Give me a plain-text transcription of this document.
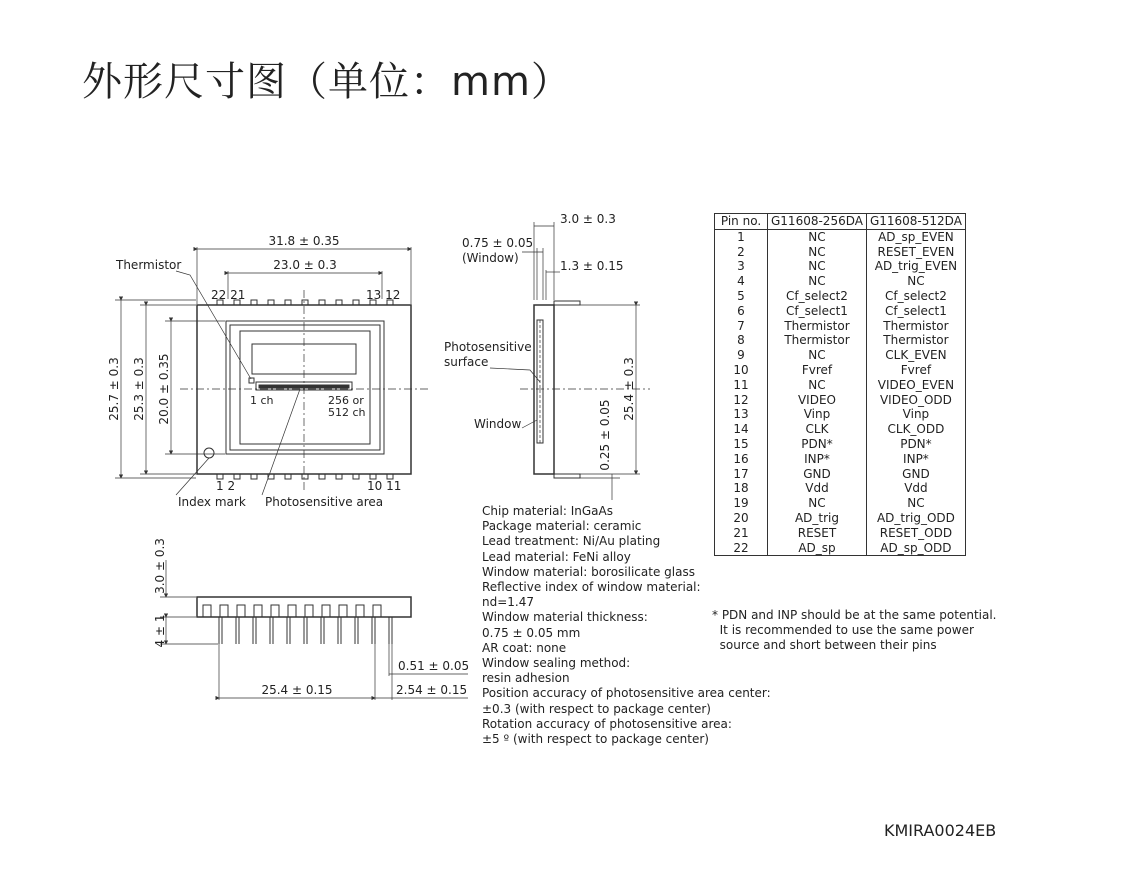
外形尺寸图（单位：mm）
31.8 ± 0.35
23.0 ± 0.3
Thermistor
22 21	13 12
1 2	10 11
1 ch	256 or
512 ch
Index mark Photosensitive area
25.7 ± 0.3 25.3 ± 0.3 20.0 ± 0.35
3.0 ± 0.3
0.75 ± 0.05
(Window)
1.3 ± 0.15
Photosensitive
surface
Window
25.4 ± 0.3
0.25 ± 0.05
3.0 ± 0.3
4 ± 1
0.51 ± 0.05
25.4 ± 0.15	2.54 ± 0.15
Pin no.	G11608-256DA	G11608-512DA
1	NC	AD_sp_EVEN
2	NC	RESET_EVEN
3	NC	AD_trig_EVEN
4	NC	NC
5	Cf_select2	Cf_select2
6	Cf_select1	Cf_select1
7	Thermistor	Thermistor
8	Thermistor	Thermistor
9	NC	CLK_EVEN
10	Fvref	Fvref
11	NC	VIDEO_EVEN
12	VIDEO	VIDEO_ODD
13	Vinp	Vinp
14	CLK	CLK_ODD
15	PDN*	PDN*
16	INP*	INP*
17	GND	GND
18	Vdd	Vdd
19	NC	NC
20	AD_trig	AD_trig_ODD
21	RESET	RESET_ODD
22	AD_sp	AD_sp_ODD
Chip material: InGaAs
Package material: ceramic
Lead treatment: Ni/Au plating
Lead material: FeNi alloy
Window material: borosilicate glass
Reflective index of window material:
nd=1.47
Window material thickness:
0.75 ± 0.05 mm
AR coat: none
Window sealing method:
resin adhesion
Position accuracy of photosensitive area center:
±0.3 (with respect to package center)
Rotation accuracy of photosensitive area:
±5 º (with respect to package center)
* PDN and INP should be at the same potential.
It is recommended to use the same power
source and short between their pins
KMIRA0024EB
